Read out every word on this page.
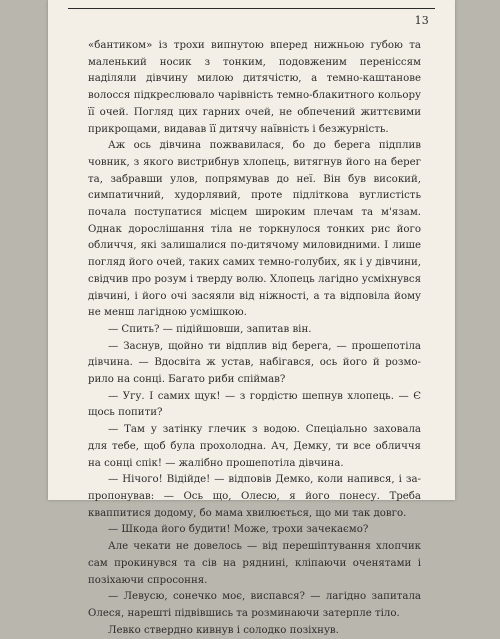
13

«бантиком» із трохи випнутою вперед нижньою губою та маленький носик з тонким, подовженим переніссям наділяли дівчину милою дитячістю, а темно-каштанове волосся підкреслювало чарівність темно-блакитного кольору її очей. Погляд цих гарних очей, не обпечений життєвими прикрощами, видавав її дитячу наївність і безжурність.

Аж ось дівчина пожвавилася, бо до берега підплив човник, з якого вистрибнув хлопець, витягнув його на берег та, забравши улов, попрямував до неї. Він був високий, симпатичний, худорлявий, проте підліткова вуглистість почала поступатися місцем широким плечам та м'язам. Однак дорослішання тіла не торкнулося тонких рис його обличчя, які залишалися по-дитячому миловидними. І лише погляд його очей, таких самих темно-голубих, як і у дівчини, свідчив про розум і тверду волю. Хлопець лагідно усміхнувся дівчині, і його очі засяяли від ніжності, а та відповіла йому не менш лагідною усмішкою.

— Спить? — підійшовши, запитав він.

— Заснув, щойно ти відплив від берега, — прошепотіла дівчина. — Вдосвіта ж устав, набігався, ось його й розморило на сонці. Багато риби спіймав?

— Угу. І самих щук! — з гордістю шепнув хлопець. — Є щось попити?

— Там у затінку глечик з водою. Спеціально заховала для тебе, щоб була прохолодна. Ач, Демку, ти все обличчя на сонці спік! — жалібно прошепотіла дівчина.

— Нічого! Відійде! — відповів Демко, коли напився, і запропонував: — Ось що, Олесю, я його понесу. Треба кваппитися додому, бо мама хвилюється, що ми так довго.

— Шкода його будити! Може, трохи зачекаємо?

Але чекати не довелось — від перешіптування хлопчик сам прокинувся та сів на ряднині, кліпаючи оченятами і позіхаючи спросоння.

— Левусю, сонечко моє, виспався? — лагідно запитала Олеся, нарешті підвівшись та розминаючи затерпле тіло.

Левко ствердно кивнув і солодко позіхнув.
